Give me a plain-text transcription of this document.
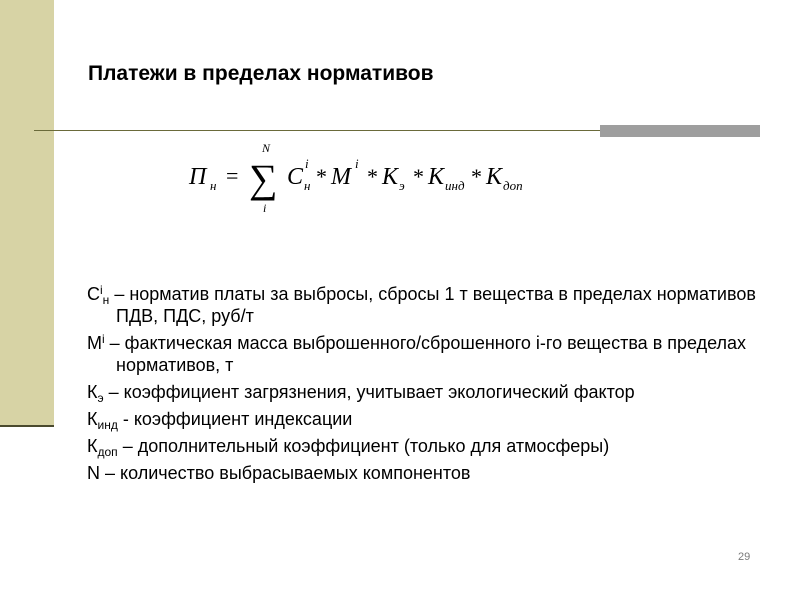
Платежи в пределах нормативов
П н =
N
∑
i
C
i
н * M
i
* K э * K инд * K доп
$С^i_н$ – норматив платы за выбросы, сбросы 1 т вещества в пределах нормативов ПДВ, ПДС, руб/т
$М^i$ – фактическая масса выброшенного/сброшенного i-го вещества в пределах нормативов, т
$К_э$ – коэффициент загрязнения, учитывает экологический фактор
$К_{инд}$ - коэффициент индексации
$К_{доп}$ – дополнительный коэффициент (только для атмосферы)
N – количество выбрасываемых компонентов
29
